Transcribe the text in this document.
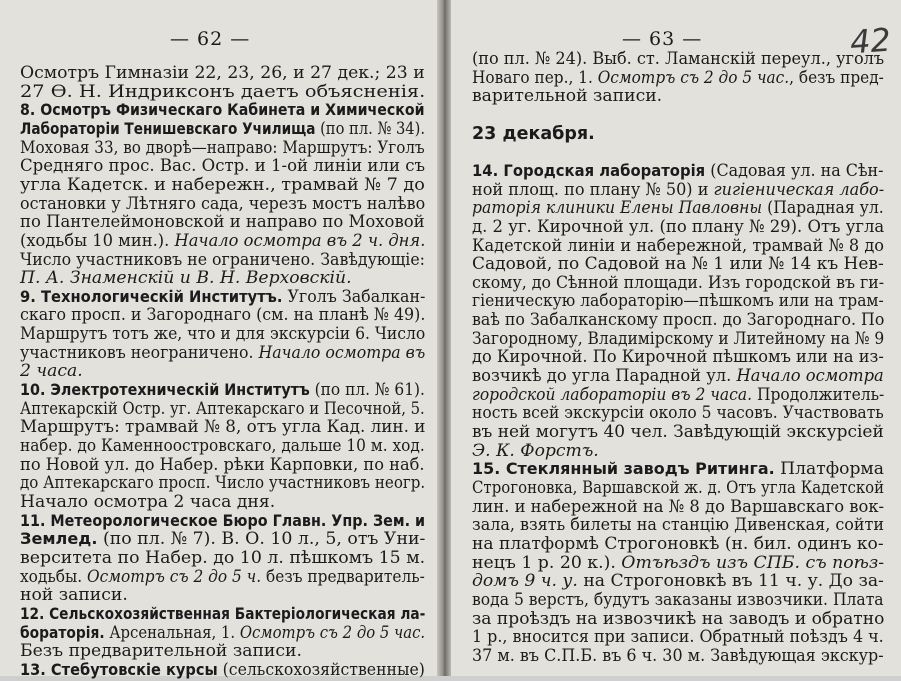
— 62 —
Осмотръ Гимназіи 22, 23, 26, и 27 дек.; 23 и
27 Ѳ. Н. Индриксонъ даетъ объясненія.
8. Осмотръ Физическаго Кабинета и Химической
Лабораторіи Тенишевскаго Училища (по пл. № 34).
Моховая 33, во дворѣ—направо: Маршрутъ: Уголъ
Средняго прос. Вас. Остр. и 1-ой линіи или съ
угла Кадетск. и набережн., трамвай № 7 до
остановки у Лѣтняго сада, черезъ мостъ налѣво
по Пантелеймоновской и направо по Моховой
(ходьбы 10 мин.). Начало осмотра въ 2 ч. дня.
Число участниковъ не ограничено. Завѣдующіе:
П. А. Знаменскій и В. Н. Верховскій.
9. Технологическій Институтъ. Уголъ Забалкан-
скаго просп. и Загороднаго (см. на планѣ № 49).
Маршрутъ тотъ же, что и для экскурсіи 6. Число
участниковъ неограничено. Начало осмотра въ
2 часа.
10. Электротехническій Институтъ (по пл. № 61).
Аптекарскій Остр. уг. Аптекарскаго и Песочной, 5.
Маршрутъ: трамвай № 8, отъ угла Кад. лин. и
набер. до Каменноостровскаго, дальше 10 м. ход.
по Новой ул. до Набер. рѣки Карповки, по наб.
до Аптекарскаго просп. Число участниковъ неогр.
Начало осмотра 2 часа дня.
11. Метеорологическое Бюро Главн. Упр. Зем. и
Землед. (по пл. № 7). В. О. 10 л., 5, отъ Уни-
верситета по Набер. до 10 л. пѣшкомъ 15 м.
ходьбы. Осмотръ съ 2 до 5 ч. безъ предваритель-
ной записи.
12. Сельскохозяйственная Бактеріологическая ла-
бораторія. Арсенальная, 1. Осмотръ съ 2 до 5 час.
Безъ предварительной записи.
13. Стебутовскіе курсы (сельскохозяйственные)
— 63 —
(по пл. № 24). Выб. ст. Ламанскій переул., уголъ
Новаго пер., 1. Осмотръ съ 2 до 5 час., безъ пред-
варительной записи.
23 декабря.
14. Городская лабораторія (Садовая ул. на Сѣн-
ной площ. по плану № 50) и гигіеническая лабо-
раторія клиники Елены Павловны (Парадная ул.
д. 2 уг. Кирочной ул. (по плану № 29). Отъ угла
Кадетской линіи и набережной, трамвай № 8 до
Садовой, по Садовой на № 1 или № 14 къ Нев-
скому, до Сѣнной площади. Изъ городской въ ги-
гіеническую лабораторію—пѣшкомъ или на трам-
ваѣ по Забалканскому просп. до Загороднаго. По
Загородному, Владимірскому и Литейному на № 9
до Кирочной. По Кирочной пѣшкомъ или на из-
возчикѣ до угла Парадной ул. Начало осмотра
городской лабораторіи въ 2 часа. Продолжитель-
ность всей экскурсіи около 5 часовъ. Участвовать
въ ней могутъ 40 чел. Завѣдующій экскурсіей
Э. К. Форстъ.
15. Стеклянный заводъ Ритинга. Платформа
Строгоновка, Варшавской ж. д. Отъ угла Кадетской
лин. и набережной на № 8 до Варшавскаго вок-
зала, взять билеты на станцію Дивенская, сойти
на платформѣ Строгоновкѣ (н. бил. одинъ ко-
нецъ 1 р. 20 к.). Отъѣздъ изъ СПБ. съ поѣз-
домъ 9 ч. у. на Строгоновкѣ въ 11 ч. у. До за-
вода 5 верстъ, будутъ заказаны извозчики. Плата
за проѣздъ на извозчикѣ на заводъ и обратно
1 р., вносится при записи. Обратный поѣздъ 4 ч.
37 м. въ С.П.Б. въ 6 ч. 30 м. Завѣдующая экскур-
42
